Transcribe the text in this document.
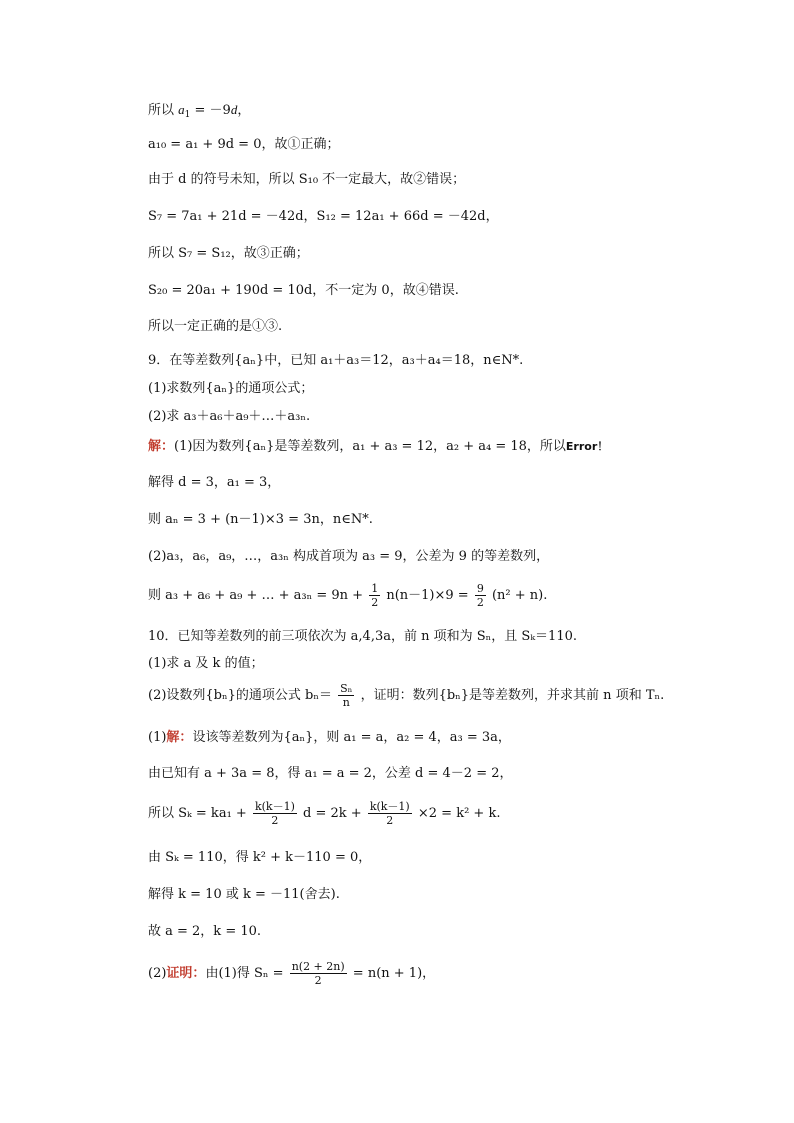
所以 $a_1 = -9d$，
a₁₀ = a₁ + 9d = 0，故①正确；
由于 d 的符号未知，所以 S₁₀ 不一定最大，故②错误；
S₇ = 7a₁ + 21d = －42d，S₁₂ = 12a₁ + 66d = －42d，
所以 S₇ = S₁₂，故③正确；
S₂₀ = 20a₁ + 190d = 10d，不一定为 0，故④错误.
所以一定正确的是①③.
9．在等差数列{aₙ}中，已知 a₁＋a₃＝12，a₃＋a₄＝18，n∈N*.
(1)求数列{aₙ}的通项公式；
(2)求 a₃＋a₆＋a₉＋…＋a₃ₙ.
解：(1)因为数列{aₙ}是等差数列，a₁ + a₃ = 12，a₂ + a₄ = 18，所以Error！
解得 d = 3，a₁ = 3，
则 aₙ = 3 + (n－1)×3 = 3n，n∈N*.
(2)a₃，a₆，a₉，…，a₃ₙ 构成首项为 a₃ = 9，公差为 9 的等差数列，
则 a₃ + a₆ + a₉ + … + $a_{3n} = 9n + \frac{1}{2} n(n-1)\times 9 = \frac{9}{2} (n^2 + n)$.
10．已知等差数列的前三项依次为 a,4,3a，前 n 项和为 Sₙ，且 Sₖ＝110.
(1)求 a 及 k 的值；
(2)设数列{bₙ}的通项公式 $b_n= \frac{\text{Sₙ}}{n}$ ，证明：数列{bₙ}是等差数列，并求其前 n 项和 Tₙ.
(1)解：设该等差数列为{aₙ}，则 a₁ = a，a₂ = 4，a₃ = 3a，
由已知有 a + 3a = 8，得 a₁ = a = 2，公差 d = 4－2 = 2，
所以 $S_k = ka_1 + \frac{k(k-1)}{2}$ $d = 2k + \frac{k(k-1)}{2} \times 2 = k^2 + k$.
由 Sₖ = 110，得 k² + k－110 = 0，
解得 k = 10 或 k = －11(舍去).
故 a = 2，k = 10.
(2)证明：由(1)得 $S_n = \frac{n(2 + 2n)}{2} = n(n + 1)$，
